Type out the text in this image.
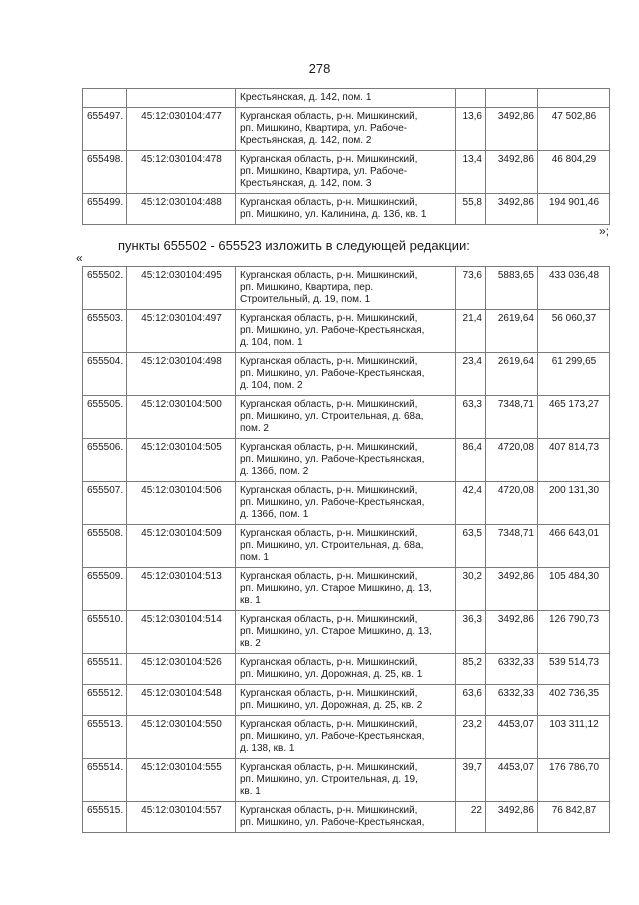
278

		Крестьянская, д. 142, пом. 1			

655497.	45:12:030104:477	Курганская область, р-н. Мишкинский,
рп. Мишкино, Квартира, ул. Рабоче-
Крестьянская, д. 142, пом. 2	13,6	3492,86	47 502,86
655498.	45:12:030104:478	Курганская область, р-н. Мишкинский,
рп. Мишкино, Квартира, ул. Рабоче-
Крестьянская, д. 142, пом. 3	13,4	3492,86	46 804,29
655499.	45:12:030104:488	Курганская область, р-н. Мишкинский,
рп. Мишкино, ул. Калинина, д. 13б, кв. 1	55,8	3492,86	194 901,46
»;
пункты 655502 - 655523 изложить в следующей редакции:
«
655502.	45:12:030104:495	Курганская область, р-н. Мишкинский,
рп. Мишкино, Квартира, пер.
Строительный, д. 19, пом. 1	73,6	5883,65	433 036,48
655503.	45:12:030104:497	Курганская область, р-н. Мишкинский,
рп. Мишкино, ул. Рабоче-Крестьянская,
д. 104, пом. 1	21,4	2619,64	56 060,37
655504.	45:12:030104:498	Курганская область, р-н. Мишкинский,
рп. Мишкино, ул. Рабоче-Крестьянская,
д. 104, пом. 2	23,4	2619,64	61 299,65
655505.	45:12:030104:500	Курганская область, р-н. Мишкинский,
рп. Мишкино, ул. Строительная, д. 68а,
пом. 2	63,3	7348,71	465 173,27
655506.	45:12:030104:505	Курганская область, р-н. Мишкинский,
рп. Мишкино, ул. Рабоче-Крестьянская,
д. 136б, пом. 2	86,4	4720,08	407 814,73
655507.	45:12:030104:506	Курганская область, р-н. Мишкинский,
рп. Мишкино, ул. Рабоче-Крестьянская,
д. 136б, пом. 1	42,4	4720,08	200 131,30
655508.	45:12:030104:509	Курганская область, р-н. Мишкинский,
рп. Мишкино, ул. Строительная, д. 68а,
пом. 1	63,5	7348,71	466 643,01
655509.	45:12:030104:513	Курганская область, р-н. Мишкинский,
рп. Мишкино, ул. Старое Мишкино, д. 13,
кв. 1	30,2	3492,86	105 484,30
655510.	45:12:030104:514	Курганская область, р-н. Мишкинский,
рп. Мишкино, ул. Старое Мишкино, д. 13,
кв. 2	36,3	3492,86	126 790,73
655511.	45:12:030104:526	Курганская область, р-н. Мишкинский,
рп. Мишкино, ул. Дорожная, д. 25, кв. 1	85,2	6332,33	539 514,73
655512.	45:12:030104:548	Курганская область, р-н. Мишкинский,
рп. Мишкино, ул. Дорожная, д. 25, кв. 2	63,6	6332,33	402 736,35
655513.	45:12:030104:550	Курганская область, р-н. Мишкинский,
рп. Мишкино, ул. Рабоче-Крестьянская,
д. 138, кв. 1	23,2	4453,07	103 311,12
655514.	45:12:030104:555	Курганская область, р-н. Мишкинский,
рп. Мишкино, ул. Строительная, д. 19,
кв. 1	39,7	4453,07	176 786,70
655515.	45:12:030104:557	Курганская область, р-н. Мишкинский,
рп. Мишкино, ул. Рабоче-Крестьянская,	22	3492,86	76 842,87
